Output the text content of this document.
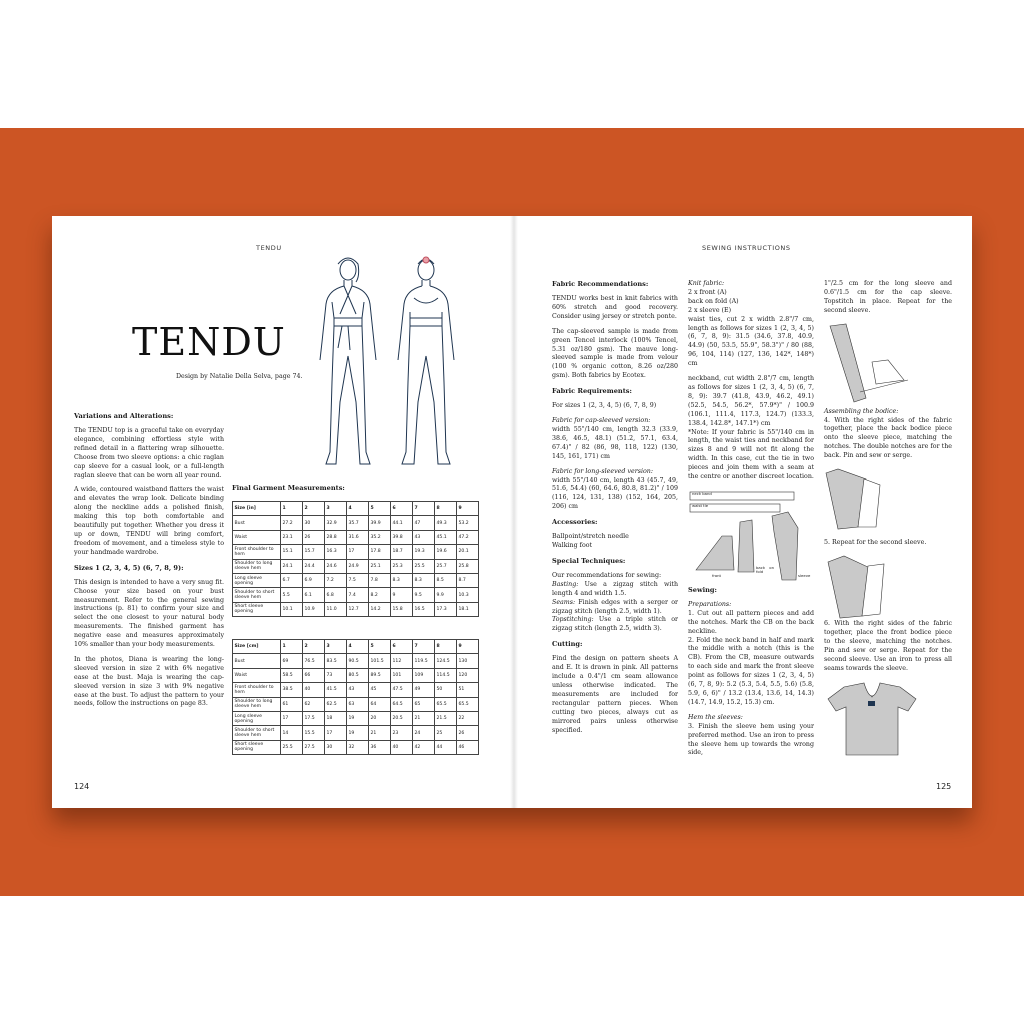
TENDU
TENDU
Design by Natalie Della Selva, page 74.

Variations and Alterations:

The TENDU top is a graceful take on everyday elegance, combining effortless style with refined detail in a flattering wrap silhouette. Choose from two sleeve options: a chic raglan cap sleeve for a casual look, or a full-length raglan sleeve that can be worn all year round.

A wide, contoured waistband flatters the waist and elevates the wrap look. Delicate binding along the neckline adds a polished finish, making this top both comfortable and beautifully put together. Whether you dress it up or down, TENDU will bring comfort, freedom of movement, and a timeless style to your handmade wardrobe.

Sizes 1 (2, 3, 4, 5) (6, 7, 8, 9):

This design is intended to have a very snug fit. Choose your size based on your bust measurement. Refer to the general sewing instructions (p. 81) to confirm your size and select the one closest to your natural body measurements. The finished garment has negative ease and measures approximately 10% smaller than your body measurements.

In the photos, Diana is wearing the long-sleeved version in size 2 with 6% negative ease at the bust. Maja is wearing the cap-sleeved version in size 3 with 9% negative ease at the bust. To adjust the pattern to your needs, follow the instructions on page 83.

Final Garment Measurements:
Size [in]	1	2	3	4	5	6	7	8	9
Bust	27.2	30	32.9	35.7	39.9	44.1	47	49.3	53.2
Waist	23.1	26	28.8	31.6	35.2	39.8	43	45.1	47.2
Front shoulder to hem	15.1	15.7	16.3	17	17.8	18.7	19.3	19.6	20.1
Shoulder to long sleeve hem	24.1	24.4	24.6	24.9	25.1	25.3	25.5	25.7	25.8
Long sleeve opening	6.7	6.9	7.2	7.5	7.8	8.3	8.3	8.5	8.7
Shoulder to short sleeve hem	5.5	6.1	6.8	7.4	8.2	9	9.5	9.9	10.3
Short sleeve opening	10.1	10.9	11.0	12.7	14.2	15.8	16.5	17.3	18.1
Size [cm]	1	2	3	4	5	6	7	8	9
Bust	69	76.5	83.5	90.5	101.5	112	119.5	124.5	130
Waist	58.5	66	73	80.5	89.5	101	109	114.5	120
Front shoulder to hem	38.5	40	41.5	43	45	47.5	49	50	51
Shoulder to long sleeve hem	61	62	62.5	63	64	64.5	65	65.5	65.5
Long sleeve opening	17	17.5	18	19	20	20.5	21	21.5	22
Shoulder to short sleeve hem	14	15.5	17	19	21	23	24	25	26
Short sleeve opening	25.5	27.5	30	32	36	40	42	44	46
124
SEWING INSTRUCTIONS

Fabric Recommendations:

TENDU works best in knit fabrics with 60% stretch and good recovery. Consider using jersey or stretch ponte.

The cap-sleeved sample is made from green Tencel interlock (100% Tencel, 5.31 oz/180 gsm). The mauve long-sleeved sample is made from velour (100 % organic cotton, 8.26 oz/280 gsm). Both fabrics by Ecotex.

Fabric Requirements:

For sizes 1 (2, 3, 4, 5) (6, 7, 8, 9)

Fabric for cap-sleeved version:

width 55"/140 cm, length 32.3 (33.9, 38.6, 46.5, 48.1) (51.2, 57.1, 63.4, 67.4)" / 82 (86, 98, 118, 122) (130, 145, 161, 171) cm

Fabric for long-sleeved version:

width 55"/140 cm, length 43 (45.7, 49, 51.6, 54.4) (60, 64.6, 80.8, 81.2)" / 109 (116, 124, 131, 138) (152, 164, 205, 206) cm

Accessories:

Ballpoint/stretch needle

Walking foot

Special Techniques:

Our recommendations for sewing:

Basting: Use a zigzag stitch with length 4 and width 1.5.

Seams: Finish edges with a serger or zigzag stitch (length 2.5, width 1).

Topstitching: Use a triple stitch or zigzag stitch (length 2.5, width 3).

Cutting:

Find the design on pattern sheets A and E. It is drawn in pink. All patterns include a 0.4"/1 cm seam allowance unless otherwise indicated. The measurements are included for rectangular pattern pieces. When cutting two pieces, always cut as mirrored pairs unless otherwise specified.

Knit fabric:

2 x front (A)

back on fold (A)

2 x sleeve (E)

waist ties, cut 2 x width 2.8"/7 cm, length as follows for sizes 1 (2, 3, 4, 5) (6, 7, 8, 9): 31.5 (34.6, 37.8, 40.9, 44.9) (50, 53.5, 55.9", 58.3")" / 80 (88, 96, 104, 114) (127, 136, 142*, 148*) cm

neckband, cut width 2.8"/7 cm, length as follows for sizes 1 (2, 3, 4, 5) (6, 7, 8, 9): 39.7 (41.8, 43.9, 46.2, 49.1) (52.5, 54.5, 56.2*, 57.9*)" / 100.9 (106.1, 111.4, 117.3, 124.7) (133.3, 138.4, 142.8*, 147.1*) cm

*Note: If your fabric is 55"/140 cm in length, the waist ties and neckband for sizes 8 and 9 will not fit along the width. In this case, cut the tie in two pieces and join them with a seam at the centre or another discreet location.

neck band
waist tie
front
back on fold
sleeve

Sewing:

Preparations:

1. Cut out all pattern pieces and add the notches. Mark the CB on the back neckline.

2. Fold the neck band in half and mark the middle with a notch (this is the CB). From the CB, measure outwards to each side and mark the front sleeve point as follows for sizes 1 (2, 3, 4, 5) (6, 7, 8, 9): 5.2 (5.3, 5.4, 5.5, 5.6) (5.8, 5.9, 6, 6)" / 13.2 (13.4, 13.6, 14, 14.3) (14.7, 14.9, 15.2, 15.3) cm.

Hem the sleeves:

3. Finish the sleeve hem using your preferred method. Use an iron to press the sleeve hem up towards the wrong side,

1"/2.5 cm for the long sleeve and 0.6"/1.5 cm for the cap sleeve. Topstitch in place. Repeat for the second sleeve.

Assembling the bodice:

4. With the right sides of the fabric together, place the back bodice piece onto the sleeve piece, matching the notches. The double notches are for the back. Pin and sew or serge.

5. Repeat for the second sleeve.

6. With the right sides of the fabric together, place the front bodice piece to the sleeve, matching the notches. Pin and sew or serge. Repeat for the second sleeve. Use an iron to press all seams towards the sleeve.

125
